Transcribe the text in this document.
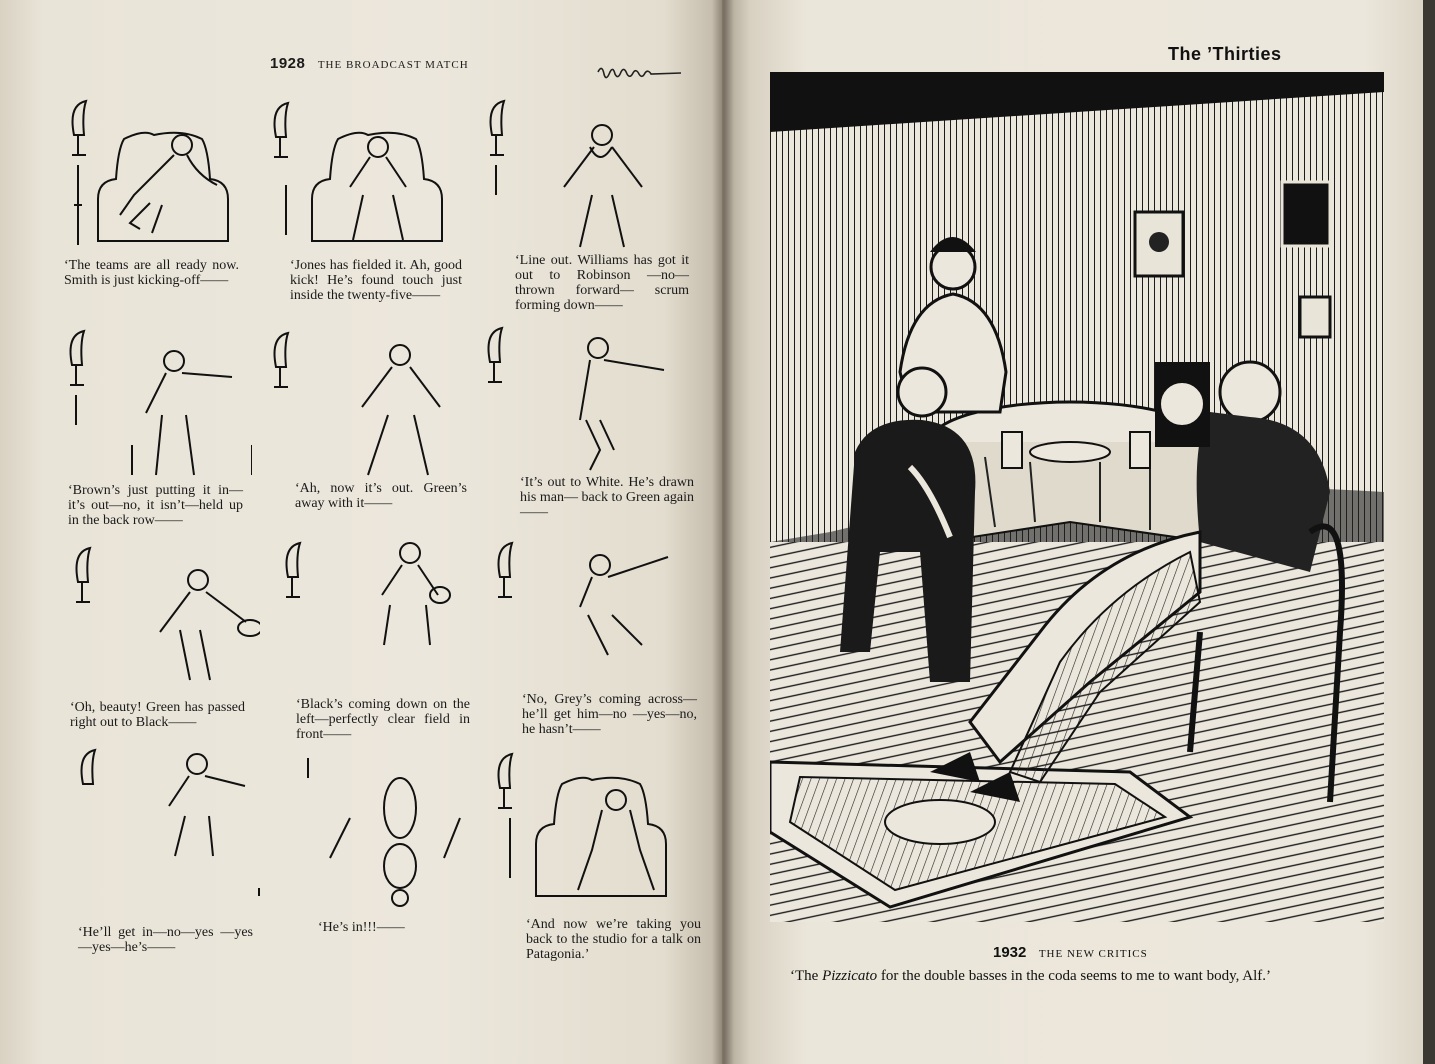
1928 THE BROADCAST MATCH
‘The teams are all ready now. Smith is just kicking-off——
‘Jones has fielded it. Ah, good kick! He’s found touch just inside the twenty-five——
‘Line out. Williams has got it out to Robinson —no—thrown forward— scrum forming down——
‘Brown’s just putting it in—it’s out—no, it isn’t—held up in the back row——
‘Ah, now it’s out. Green’s away with it——
‘It’s out to White. He’s drawn his man— back to Green again——
‘Oh, beauty! Green has passed right out to Black——
‘Black’s coming down on the left—perfectly clear field in front——
‘No, Grey’s coming across—he’ll get him—no —yes—no, he hasn’t——
‘He’ll get in—no—yes —yes—yes—he’s——
‘He’s in!!!——	‘And now we’re taking you back to the studio for a talk on Patagonia.’
The ’Thirties
1932 THE NEW CRITICS
‘The Pizzicato for the double basses in the coda seems to me to want body, Alf.’
